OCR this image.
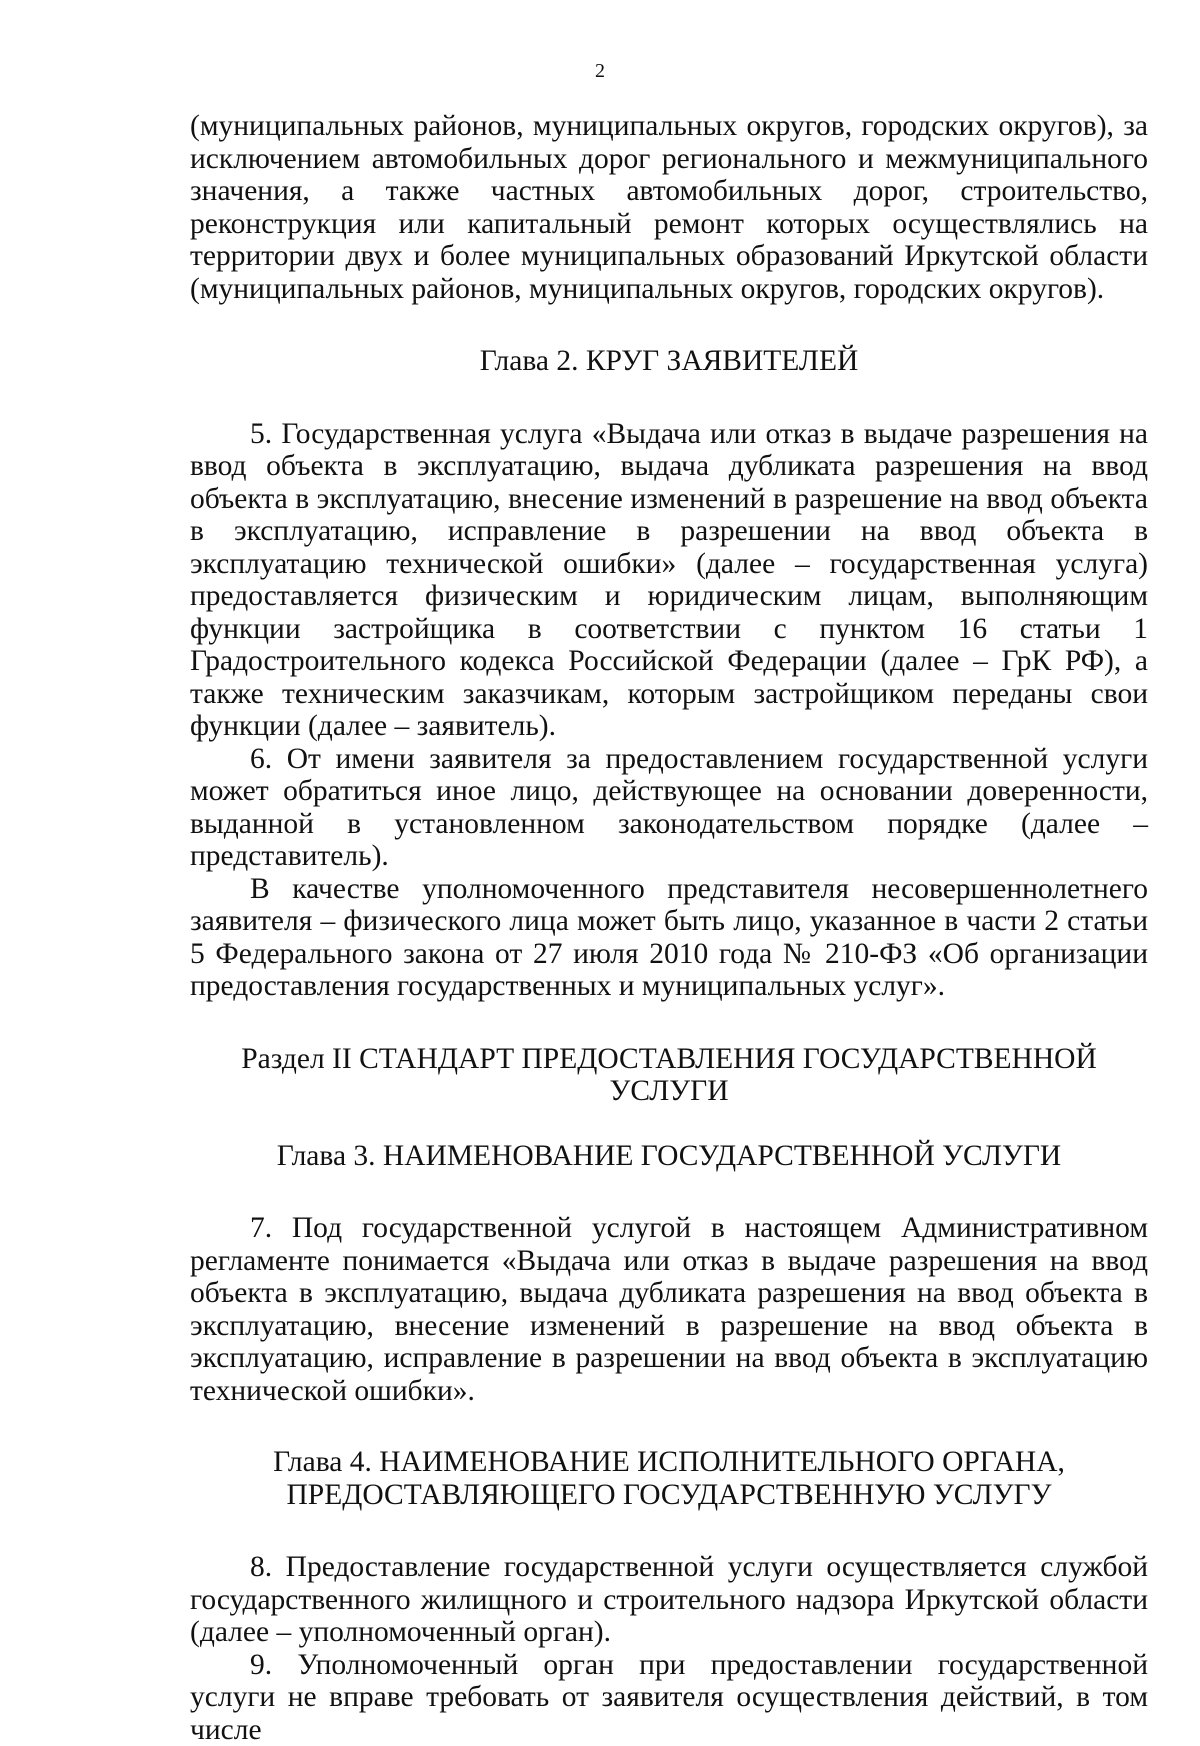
2

(муниципальных районов, муниципальных округов, городских округов), за исключением автомобильных дорог регионального и межмуниципального значения, а также частных автомобильных дорог, строительство, реконструкция или капитальный ремонт которых осуществлялись на территории двух и более муниципальных образований Иркутской области (муниципальных районов, муниципальных округов, городских округов).

Глава 2. КРУГ ЗАЯВИТЕЛЕЙ

5. Государственная услуга «Выдача или отказ в выдаче разрешения на ввод объекта в эксплуатацию, выдача дубликата разрешения на ввод объекта в эксплуатацию, внесение изменений в разрешение на ввод объекта в эксплуатацию, исправление в разрешении на ввод объекта в эксплуатацию технической ошибки» (далее – государственная услуга) предоставляется физическим и юридическим лицам, выполняющим функции застройщика в соответствии с пунктом 16 статьи 1 Градостроительного кодекса Российской Федерации (далее – ГрК РФ), а также техническим заказчикам, которым застройщиком переданы свои функции (далее – заявитель).

6. От имени заявителя за предоставлением государственной услуги может обратиться иное лицо, действующее на основании доверенности, выданной в установленном законодательством порядке (далее – представитель).

В качестве уполномоченного представителя несовершеннолетнего заявителя – физического лица может быть лицо, указанное в части 2 статьи 5 Федерального закона от 27 июля 2010 года № 210-ФЗ «Об организации предоставления государственных и муниципальных услуг».

Раздел II СТАНДАРТ ПРЕДОСТАВЛЕНИЯ ГОСУДАРСТВЕННОЙ УСЛУГИ
Глава 3. НАИМЕНОВАНИЕ ГОСУДАРСТВЕННОЙ УСЛУГИ

7. Под государственной услугой в настоящем Административном регламенте понимается «Выдача или отказ в выдаче разрешения на ввод объекта в эксплуатацию, выдача дубликата разрешения на ввод объекта в эксплуатацию, внесение изменений в разрешение на ввод объекта в эксплуатацию, исправление в разрешении на ввод объекта в эксплуатацию технической ошибки».

Глава 4. НАИМЕНОВАНИЕ ИСПОЛНИТЕЛЬНОГО ОРГАНА,
ПРЕДОСТАВЛЯЮЩЕГО ГОСУДАРСТВЕННУЮ УСЛУГУ

8. Предоставление государственной услуги осуществляется службой государственного жилищного и строительного надзора Иркутской области (далее – уполномоченный орган).

9. Уполномоченный орган при предоставлении государственной услуги не вправе требовать от заявителя осуществления действий, в том числе
